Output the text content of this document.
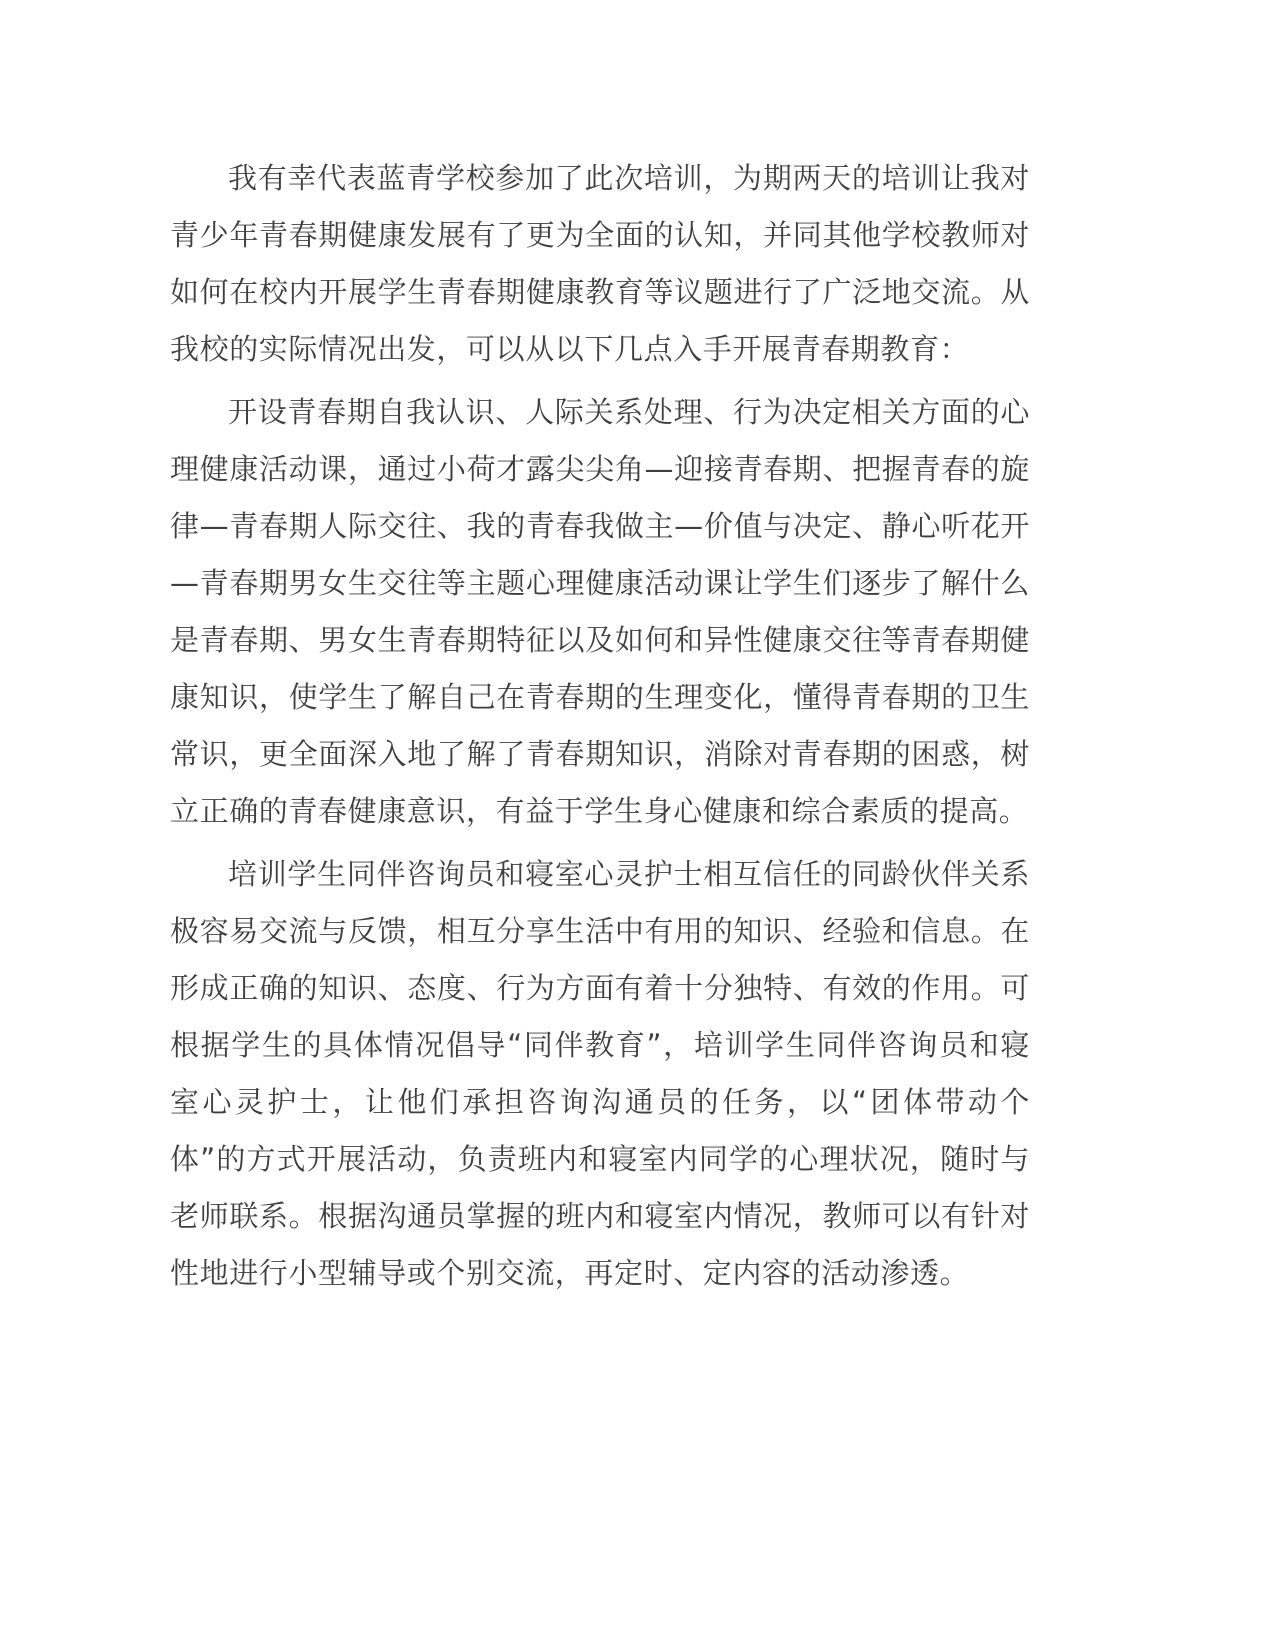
我有幸代表蓝青学校参加了此次培训，为期两天的培训让我对青少年青春期健康发展有了更为全面的认知，并同其他学校教师对如何在校内开展学生青春期健康教育等议题进行了广泛地交流。从我校的实际情况出发，可以从以下几点入手开展青春期教育：

开设青春期自我认识、人际关系处理、行为决定相关方面的心理健康活动课，通过小荷才露尖尖角—迎接青春期、把握青春的旋律—青春期人际交往、我的青春我做主—价值与决定、静心听花开—青春期男女生交往等主题心理健康活动课让学生们逐步了解什么是青春期、男女生青春期特征以及如何和异性健康交往等青春期健康知识，使学生了解自己在青春期的生理变化，懂得青春期的卫生常识，更全面深入地了解了青春期知识，消除对青春期的困惑，树立正确的青春健康意识，有益于学生身心健康和综合素质的提高。

培训学生同伴咨询员和寝室心灵护士相互信任的同龄伙伴关系极容易交流与反馈，相互分享生活中有用的知识、经验和信息。在形成正确的知识、态度、行为方面有着十分独特、有效的作用。可根据学生的具体情况倡导“同伴教育”，培训学生同伴咨询员和寝室心灵护士，让他们承担咨询沟通员的任务，以“团体带动个体”的方式开展活动，负责班内和寝室内同学的心理状况，随时与老师联系。根据沟通员掌握的班内和寝室内情况，教师可以有针对性地进行小型辅导或个别交流，再定时、定内容的活动渗透。
